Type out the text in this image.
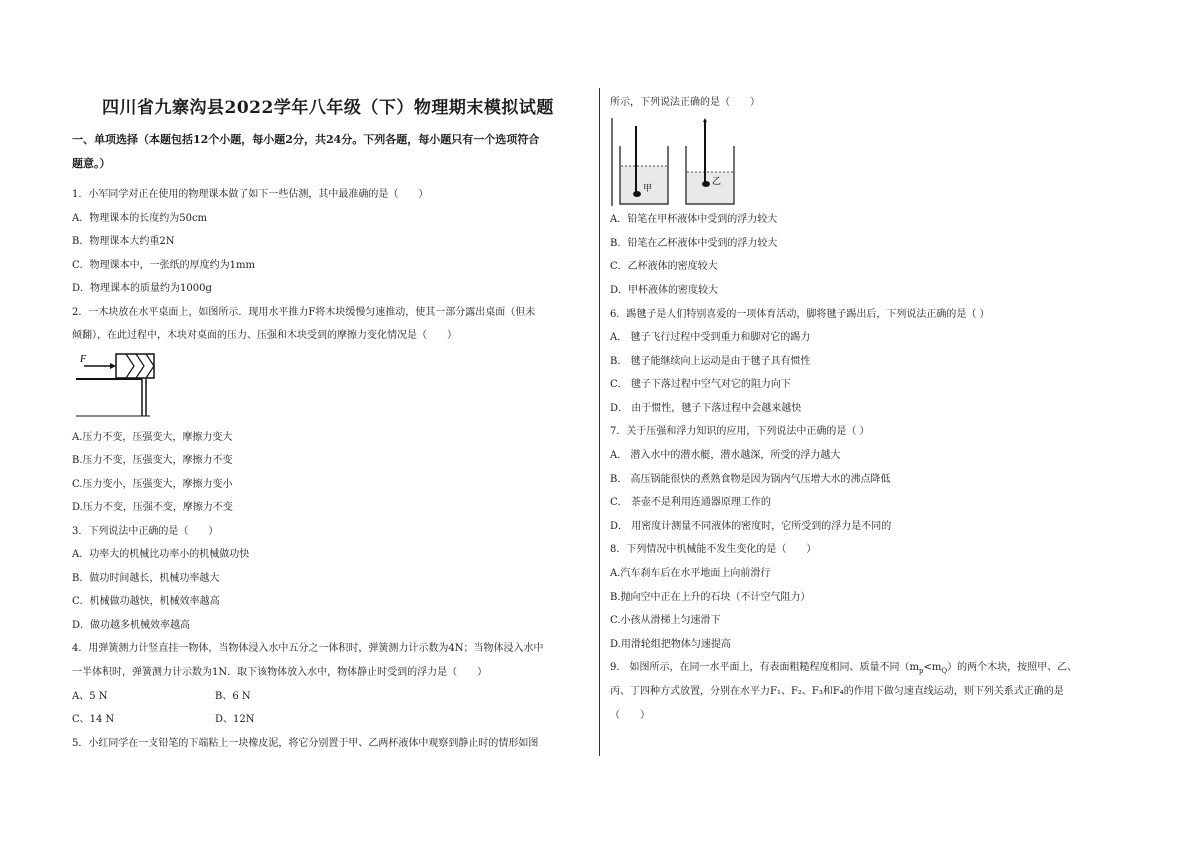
四川省九寨沟县2022学年八年级（下）物理期末模拟试题
一、单项选择（本题包括12个小题，每小题2分，共24分。下列各题，每小题只有一个选项符合
题意。）
1．小军同学对正在使用的物理课本做了如下一些估测，其中最准确的是（　　）
A．物理课本的长度约为50cm
B．物理课本大约重2N
C．物理课本中，一张纸的厚度约为1mm
D．物理课本的质量约为1000g
2．一木块放在水平桌面上，如图所示．现用水平推力F将木块缓慢匀速推动，使其一部分露出桌面（但未
倾翻），在此过程中，木块对桌面的压力、压强和木块受到的摩擦力变化情况是（　　）
F
A.压力不变，压强变大，摩擦力变大
B.压力不变，压强变大，摩擦力不变
C.压力变小，压强变大，摩擦力变小
D.压力不变，压强不变，摩擦力不变
3．下列说法中正确的是（　　）
A．功率大的机械比功率小的机械做功快
B．做功时间越长，机械功率越大
C．机械做功越快，机械效率越高
D．做功越多机械效率越高
4．用弹簧测力计竖直挂一物体，当物体浸入水中五分之一体积时，弹簧测力计示数为4N；当物体浸入水中
一半体积时，弹簧测力计示数为1N．取下该物体放入水中，物体静止时受到的浮力是（　　）
A、5 N	B、6 N
C、14 N	D、12N
5．小红同学在一支铅笔的下端粘上一块橡皮泥，将它分别置于甲、乙两杯液体中观察到静止时的情形如图
所示，下列说法正确的是（　　）
甲
乙
A．铅笔在甲杯液体中受到的浮力较大
B．铅笔在乙杯液体中受到的浮力较大
C．乙杯液体的密度较大
D．甲杯液体的密度较大
6．踢毽子是人们特别喜爱的一项体育活动，脚将毽子踢出后，下列说法正确的是（ ）
A． 毽子飞行过程中受到重力和脚对它的踢力
B． 毽子能继续向上运动是由于毽子具有惯性
C． 毽子下落过程中空气对它的阻力向下
D． 由于惯性，毽子下落过程中会越来越快
7．关于压强和浮力知识的应用，下列说法中正确的是（ ）
A． 潜入水中的潜水艇，潜水越深，所受的浮力越大
B． 高压锅能很快的煮熟食物是因为锅内气压增大水的沸点降低
C． 茶壶不是利用连通器原理工作的
D． 用密度计测量不同液体的密度时，它所受到的浮力是不同的
8．下列情况中机械能不发生变化的是（　　）
A.汽车刹车后在水平地面上向前滑行
B.抛向空中正在上升的石块（不计空气阻力）
C.小孩从滑梯上匀速滑下
D.用滑轮组把物体匀速提高
9． 如图所示，在同一水平面上，有表面粗糙程度相同、质量不同$(m_p<m_Q)$的两个木块，按照甲、乙、
丙、丁四种方式放置，分别在水平力F₁、F₂、F₃和F₄的作用下做匀速直线运动，则下列关系式正确的是
（　　）
